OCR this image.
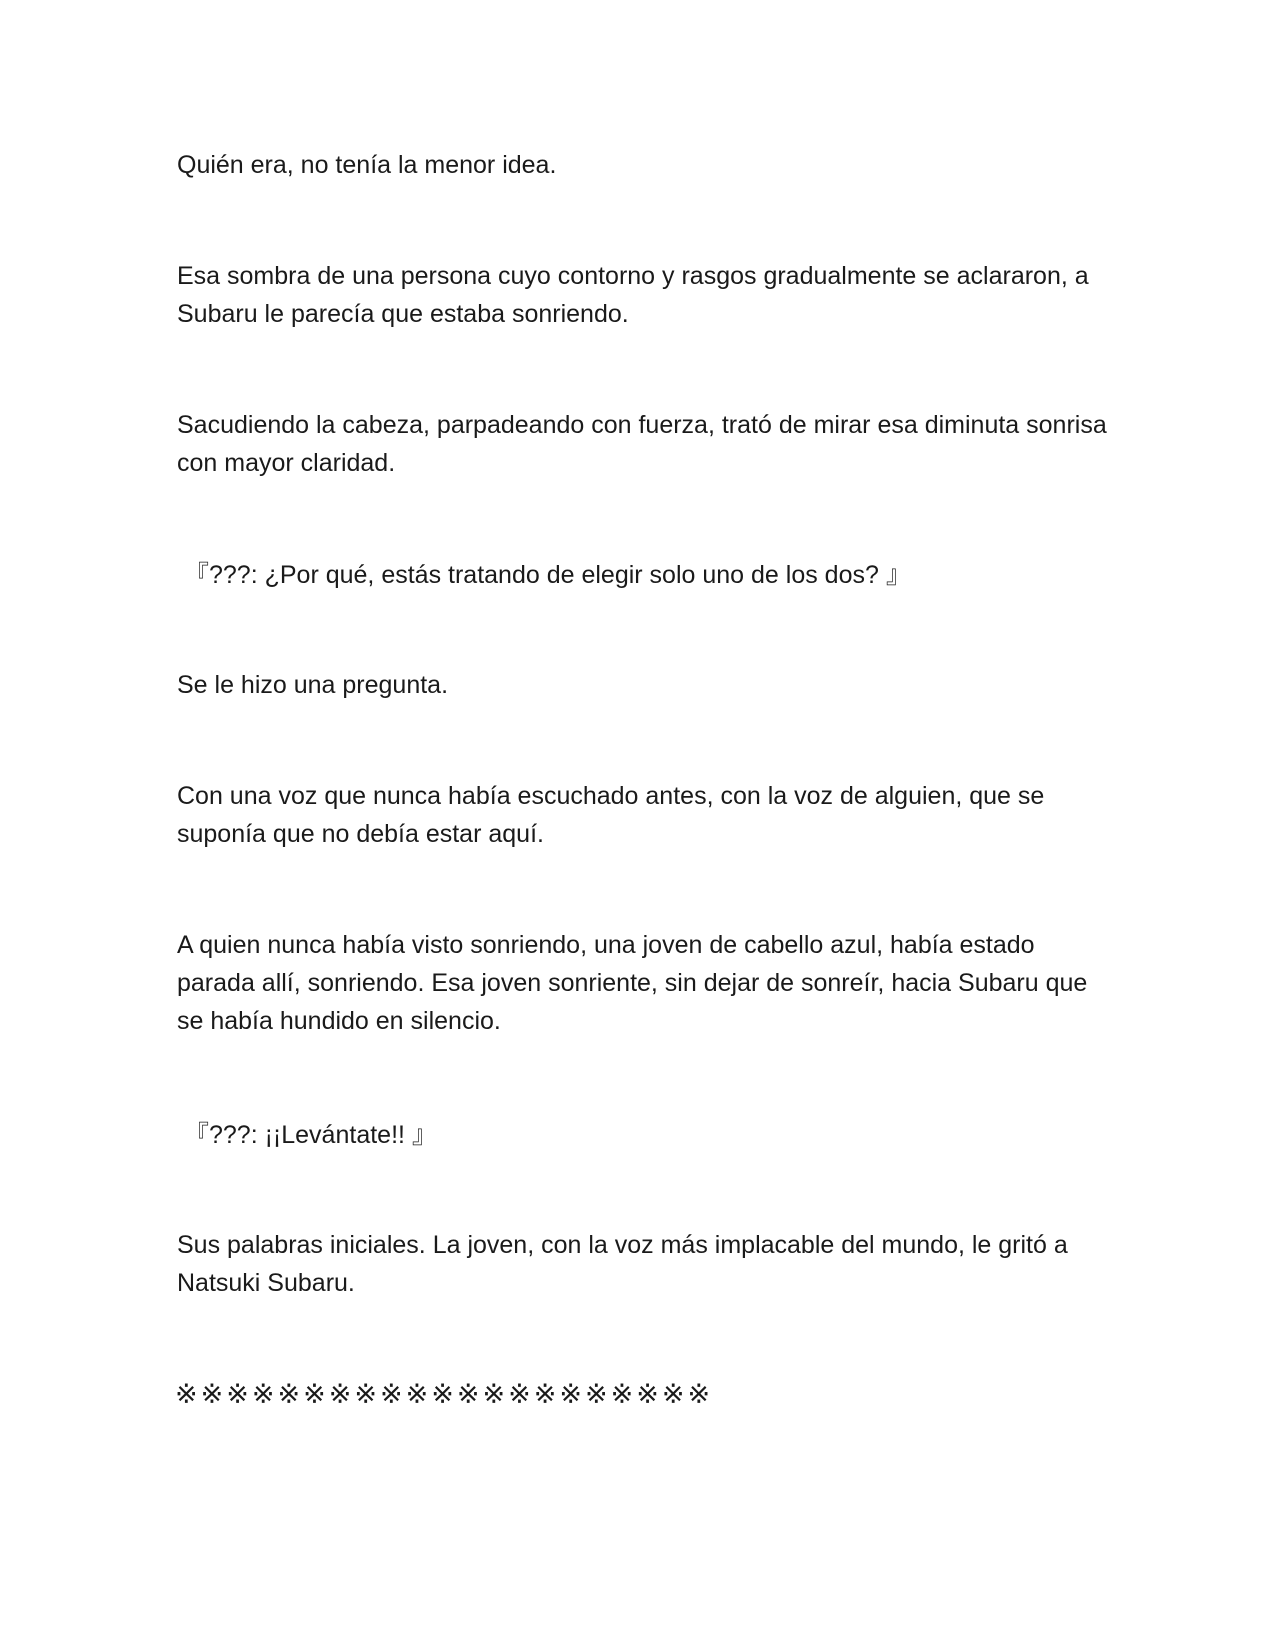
Quién era, no tenía la menor idea.

Esa sombra de una persona cuyo contorno y rasgos gradualmente se aclararon, a Subaru le parecía que estaba sonriendo.

Sacudiendo la cabeza, parpadeando con fuerza, trató de mirar esa diminuta sonrisa con mayor claridad.

『???: ¿Por qué, estás tratando de elegir solo uno de los dos? 』

Se le hizo una pregunta.

Con una voz que nunca había escuchado antes, con la voz de alguien, que se suponía que no debía estar aquí.

A quien nunca había visto sonriendo, una joven de cabello azul, había estado parada allí, sonriendo. Esa joven sonriente, sin dejar de sonreír, hacia Subaru que se había hundido en silencio.

『???: ¡¡Levántate!! 』

Sus palabras iniciales. La joven, con la voz más implacable del mundo, le gritó a Natsuki Subaru.

※※※※※※※※※※※※※※※※※※※※※
